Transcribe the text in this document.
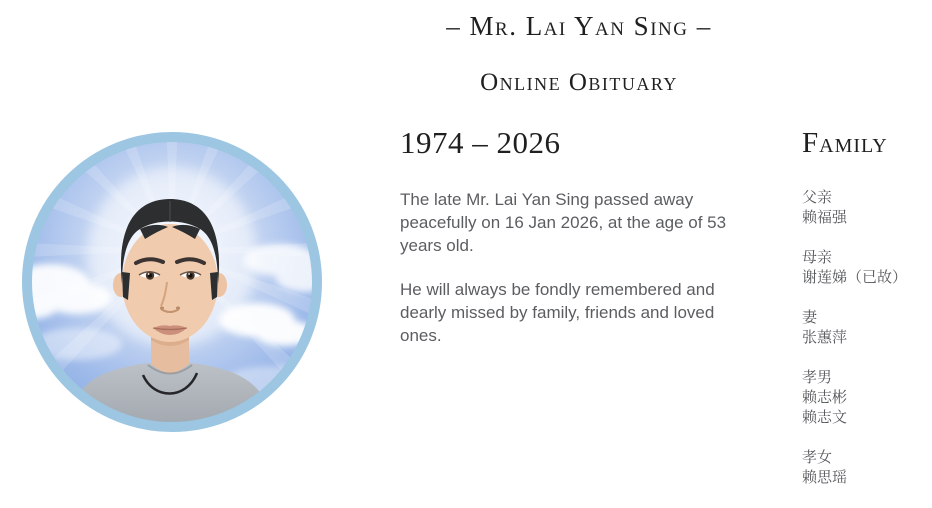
– Mr. Lai Yan Sing –
Online Obituary
1974 – 2026

The late Mr. Lai Yan Sing passed away peacefully on 16 Jan 2026, at the age of 53 years old.

He will always be fondly remembered and dearly missed by family, friends and loved ones.

Family
父亲
赖福强
母亲
谢莲娣（已故）
妻
张蕙萍
孝男
赖志彬
赖志文
孝女
赖思瑶
